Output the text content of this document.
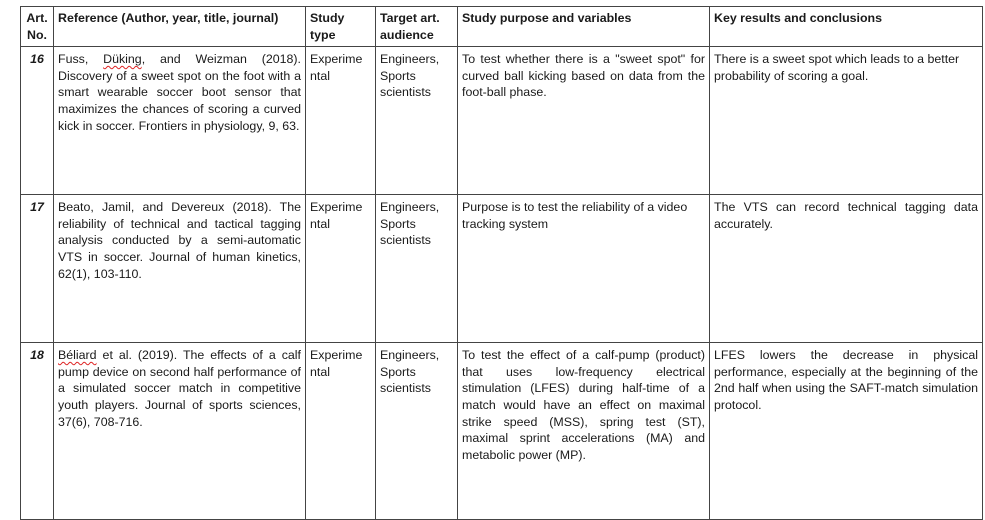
Art. No.	Reference (Author, year, title, journal)	Study type	Target art. audience	Study purpose and variables	Key results and conclusions
16	Fuss, Düking, and Weizman (2018). Discovery of a sweet spot on the foot with a smart wearable soccer boot sensor that maximizes the chances of scoring a curved kick in soccer. Frontiers in physiology, 9, 63.	Experime ntal	Engineers, Sports scientists	To test whether there is a "sweet spot" for curved ball kicking based on data from the foot-ball phase.	There is a sweet spot which leads to a better probability of scoring a goal.
17	Beato, Jamil, and Devereux (2018). The reliability of technical and tactical tagging analysis conducted by a semi-automatic VTS in soccer. Journal of human kinetics, 62(1), 103-110.	Experime ntal	Engineers, Sports scientists	Purpose is to test the reliability of a video tracking system	The VTS can record technical tagging data accurately.
18	Béliard et al. (2019). The effects of a calf pump device on second half performance of a simulated soccer match in competitive youth players. Journal of sports sciences, 37(6), 708-716.	Experime ntal	Engineers, Sports scientists	To test the effect of a calf-pump (product) that uses low-frequency electrical stimulation (LFES) during half-time of a match would have an effect on maximal strike speed (MSS), spring test (ST), maximal sprint accelerations (MA) and metabolic power (MP).	LFES lowers the decrease in physical performance, especially at the beginning of the 2nd half when using the SAFT-match simulation protocol.
